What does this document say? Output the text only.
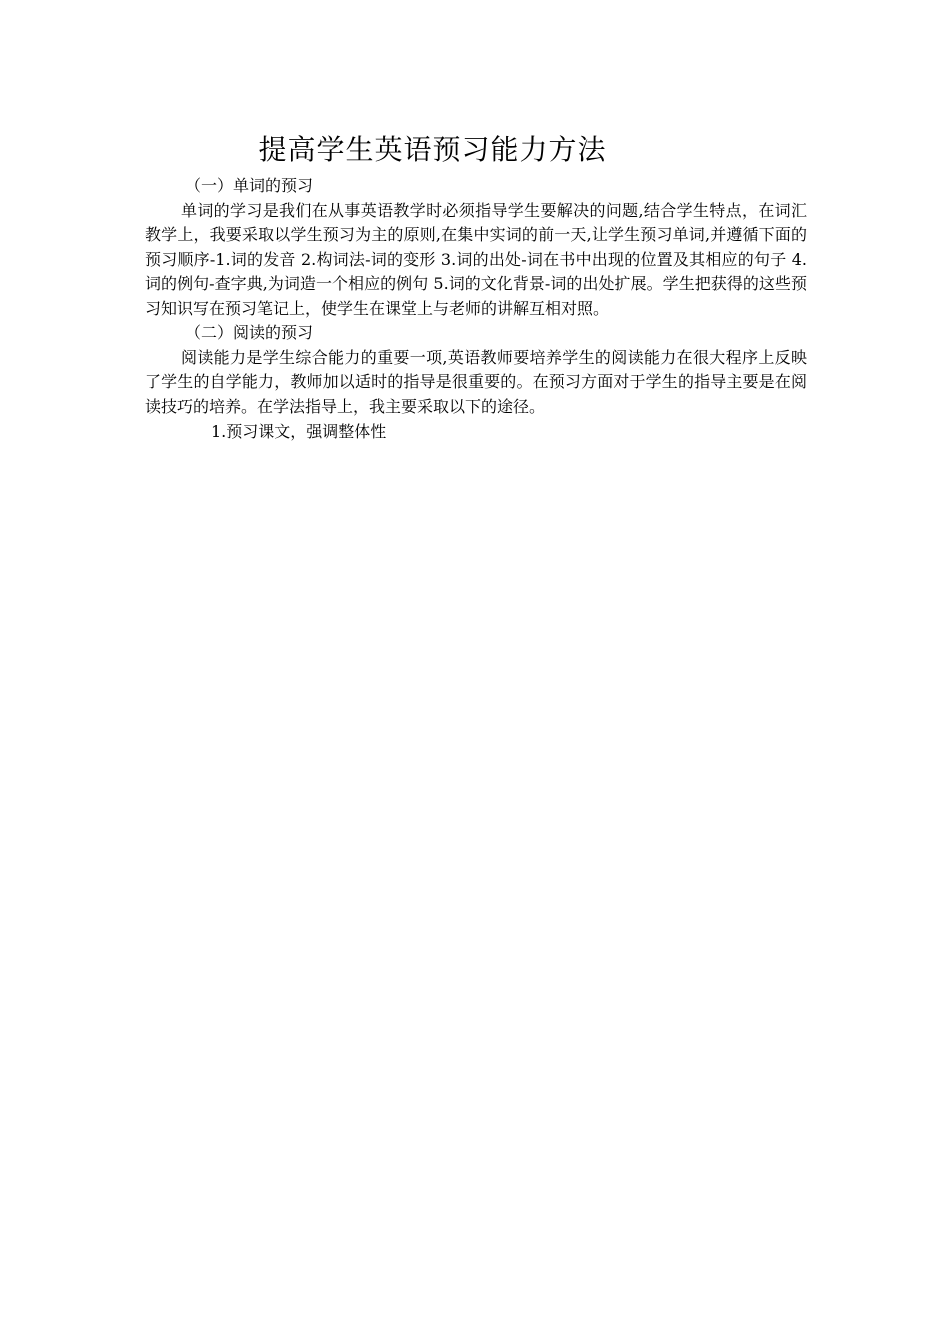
提高学生英语预习能力方法

（一）单词的预习

单词的学习是我们在从事英语教学时必须指导学生要解决的问题,结合学生特点，在词汇教学上，我要采取以学生预习为主的原则,在集中实词的前一天,让学生预习单词,并遵循下面的预习顺序-1.词的发音 2.构词法-词的变形 3.词的出处-词在书中出现的位置及其相应的句子 4.词的例句-查字典,为词造一个相应的例句 5.词的文化背景-词的出处扩展。学生把获得的这些预习知识写在预习笔记上，使学生在课堂上与老师的讲解互相对照。

（二）阅读的预习

阅读能力是学生综合能力的重要一项,英语教师要培养学生的阅读能力在很大程序上反映了学生的自学能力，教师加以适时的指导是很重要的。在预习方面对于学生的指导主要是在阅读技巧的培养。在学法指导上，我主要采取以下的途径。

1.预习课文，强调整体性
